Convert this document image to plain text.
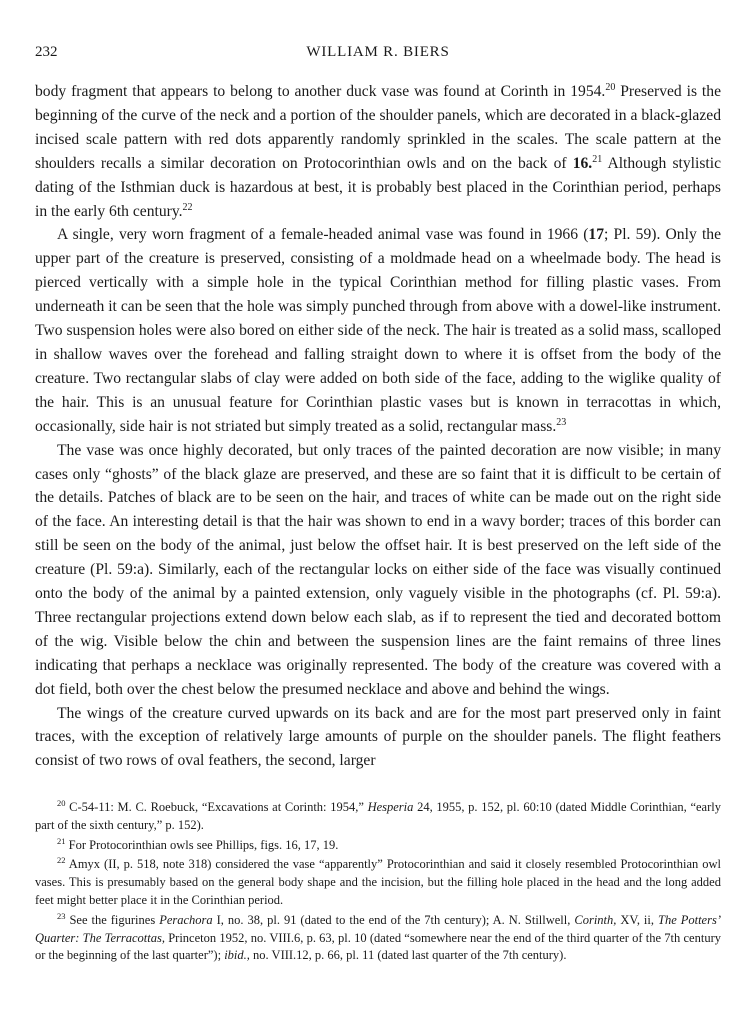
232	WILLIAM R. BIERS

body fragment that appears to belong to another duck vase was found at Corinth in 1954.20 Preserved is the beginning of the curve of the neck and a portion of the shoulder panels, which are decorated in a black-glazed incised scale pattern with red dots apparently randomly sprinkled in the scales. The scale pattern at the shoulders recalls a similar decoration on Protocorinthian owls and on the back of 16.21 Although stylistic dating of the Isthmian duck is hazardous at best, it is probably best placed in the Corinthian period, perhaps in the early 6th century.$^{22}$

A single, very worn fragment of a female-headed animal vase was found in 1966 (17; Pl. 59). Only the upper part of the creature is preserved, consisting of a moldmade head on a wheelmade body. The head is pierced vertically with a simple hole in the typical Corinthian method for filling plastic vases. From underneath it can be seen that the hole was simply punched through from above with a dowel-like instrument. Two suspension holes were also bored on either side of the neck. The hair is treated as a solid mass, scalloped in shallow waves over the forehead and falling straight down to where it is offset from the body of the creature. Two rectangular slabs of clay were added on both side of the face, adding to the wiglike quality of the hair. This is an unusual feature for Corinthian plastic vases but is known in terracottas in which, occasionally, side hair is not striated but simply treated as a solid, rectangular mass.$^{23}$

The vase was once highly decorated, but only traces of the painted decoration are now visible; in many cases only “ghosts” of the black glaze are preserved, and these are so faint that it is difficult to be certain of the details. Patches of black are to be seen on the hair, and traces of white can be made out on the right side of the face. An interesting detail is that the hair was shown to end in a wavy border; traces of this border can still be seen on the body of the animal, just below the offset hair. It is best preserved on the left side of the creature (Pl. 59:a). Similarly, each of the rectangular locks on either side of the face was visually continued onto the body of the animal by a painted extension, only vaguely visible in the photographs (cf. Pl. 59:a). Three rectangular projections extend down below each slab, as if to represent the tied and decorated bottom of the wig. Visible below the chin and between the suspension lines are the faint remains of three lines indicating that perhaps a necklace was originally represented. The body of the creature was covered with a dot field, both over the chest below the presumed necklace and above and behind the wings.

The wings of the creature curved upwards on its back and are for the most part preserved only in faint traces, with the exception of relatively large amounts of purple on the shoulder panels. The flight feathers consist of two rows of oval feathers, the second, larger

$^{20}$ C-54-11: M. C. Roebuck, “Excavations at Corinth: 1954,” Hesperia 24, 1955, p. 152, pl. 60:10 (dated Middle Corinthian, “early part of the sixth century,” p. 152).

$^{21}$ For Protocorinthian owls see Phillips, figs. 16, 17, 19.

$^{22}$ Amyx (II, p. 518, note 318) considered the vase “apparently” Protocorinthian and said it closely resembled Protocorinthian owl vases. This is presumably based on the general body shape and the incision, but the filling hole placed in the head and the long added feet might better place it in the Corinthian period.

$^{23}$ See the figurines Perachora I, no. 38, pl. 91 (dated to the end of the 7th century); A. N. Stillwell, Corinth, XV, ii, The Potters’ Quarter: The Terracottas, Princeton 1952, no. VIII.6, p. 63, pl. 10 (dated “somewhere near the end of the third quarter of the 7th century or the beginning of the last quarter”); ibid., no. VIII.12, p. 66, pl. 11 (dated last quarter of the 7th century).
